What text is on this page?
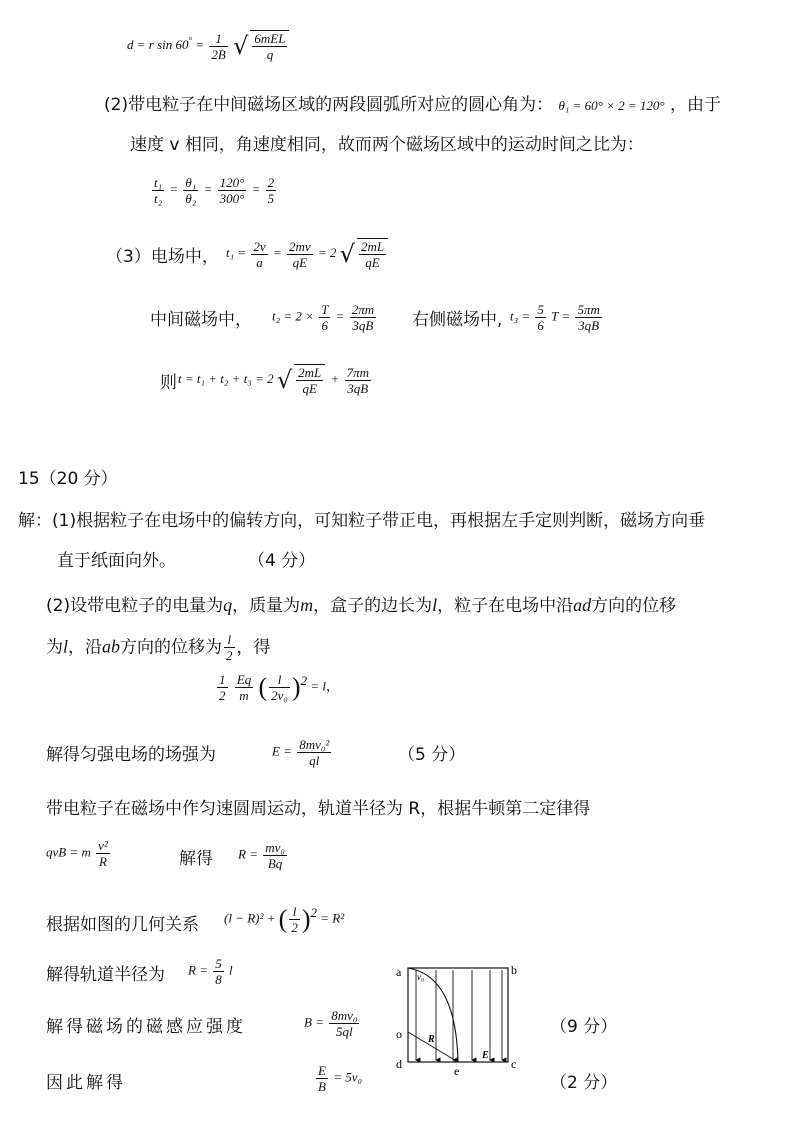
d = r $\sin 60^\circ = \frac{1}{2B}$ √ $\frac{\text{6mEL}}{q}$
(2)带电粒子在中间磁场区域的两段圆弧所对应的圆心角为： θ₁ = 60° × 2 = 120° ，由于
速度 v 相同，角速度相同，故而两个磁场区域中的运动时间之比为：
$\frac{\text{t₁}}{\text{t₂}} = \frac{\text{θ₁}}{\text{θ₂}} = \frac{120^\circ}{300^\circ} = \frac{2}{5}$
（3）电场中， $t_1 = \frac{2v}{a} = \frac{2mv}{qE} = 2$ √ $\frac{2mL}{qE}$
中间磁场中， $t_2 = 2 \times \frac{T}{6} = \frac{2\pi m}{3qB}$ 右侧磁场中, $t_3 = \frac{5}{6}$ $T = \frac{5\pi m}{3qB}$
则 t = t₁ + t₂ + t₃ = 2 √ $\frac{2mL}{qE} + \frac{7\pi m}{3qB}$
15（20 分）
解：(1)根据粒子在电场中的偏转方向，可知粒子带正电，再根据左手定则判断，磁场方向垂
直于纸面向外。	（4 分）
(2)设带电粒子的电量为q，质量为m，盒子的边长为l，粒子在电场中沿ad方向的位移
为l，沿ab方向的位移为 $\frac{l}{2}$ ，得
$\frac{1}{2}$
$\frac{Eq}{m}$ ( $\frac{l}{\text{2v₀}} )^2 = l$，
解得匀强电场的场强为	$E = \frac{\text{8mv₀²}}{ql}$	（5 分）
带电粒子在磁场中作匀速圆周运动，轨道半径为 R，根据牛顿第二定律得
qvB = m $\frac{\text{v²}}{R}$	解得 $R = \frac{\text{mv₀}}{Bq}$
根据如图的几何关系 (l − R)² + ( $\frac{l}{2} )^2 = R^2$
解得轨道半径为 $R = \frac{5}{8}$ l
解得磁场的磁感应强度	$B = \frac{\text{8mv₀}}{5ql}$	（9 分）
因此解得	$\frac{E}{B} = 5v_0$	（2 分）
a	b
c
d	e
o
v₀
R
E
